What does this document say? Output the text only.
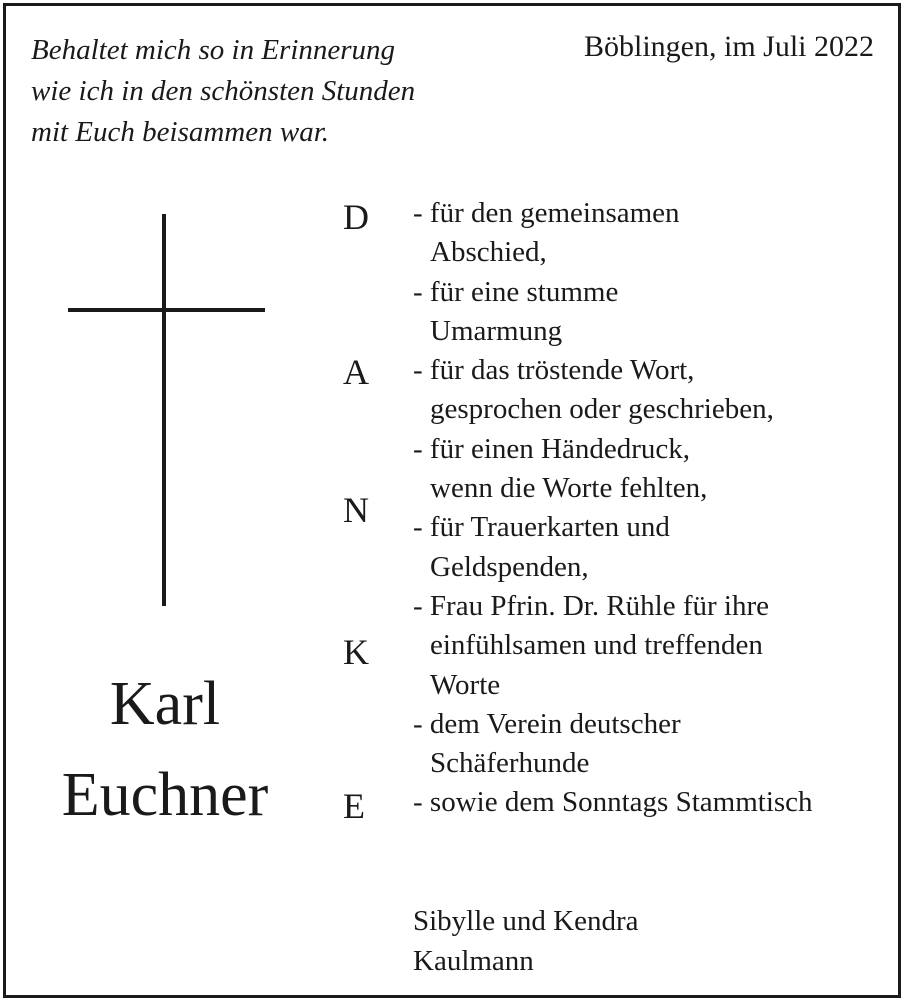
Behaltet mich so in Erinnerung
wie ich in den schönsten Stunden
mit Euch beisammen war.
Böblingen, im Juli 2022
Karl
Euchner
D
A
N
K
E
- für den gemeinsamen
Abschied,
- für eine stumme
Umarmung
- für das tröstende Wort,
gesprochen oder geschrieben,
- für einen Händedruck,
wenn die Worte fehlten,
- für Trauerkarten und
Geldspenden,
- Frau Pfrin. Dr. Rühle für ihre
einfühlsamen und treffenden
Worte
- dem Verein deutscher
Schäferhunde
- sowie dem Sonntags Stammtisch
Sibylle und Kendra
Kaulmann
